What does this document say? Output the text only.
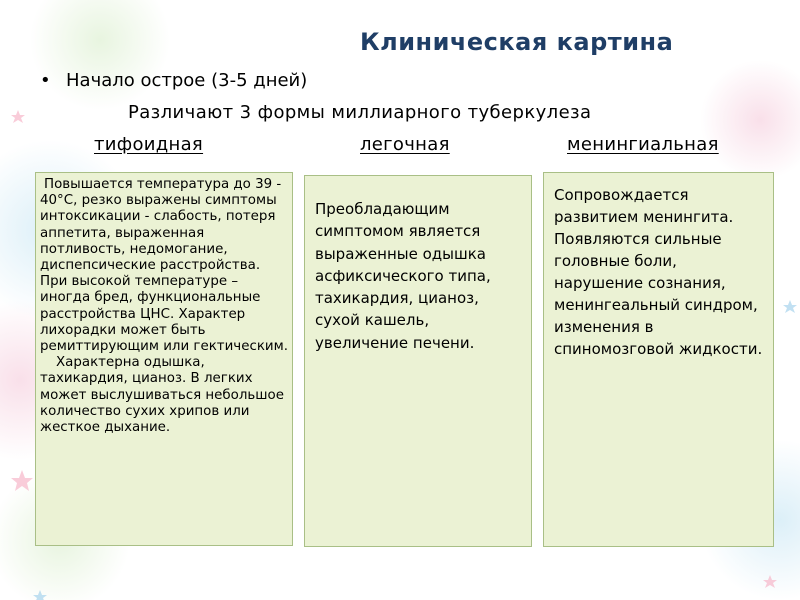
Клиническая картина
• Начало острое (3-5 дней)
Различают 3 формы миллиарного туберкулеза
тифоидная	легочная	менингиальная

Повышается температура до 39 - 40°С, резко выражены симптомы интоксикации - слабость, потеря аппетита, выраженная потливость, недомогание, диспепсические расстройства. При высокой температуре – иногда бред, функциональные расстройства ЦНС. Характер лихорадки может быть ремиттирующим или гектическим.

Характерна одышка, тахикардия, цианоз. В легких может выслушиваться небольшое количество сухих хрипов или жесткое дыхание.

Преобладающим симптомом является выраженные одышка асфиксического типа, тахикардия, цианоз, сухой кашель, увеличение печени.
Сопровождается развитием менингита. Появляются сильные головные боли, нарушение сознания, менингеальный синдром, изменения в спиномозговой жидкости.
